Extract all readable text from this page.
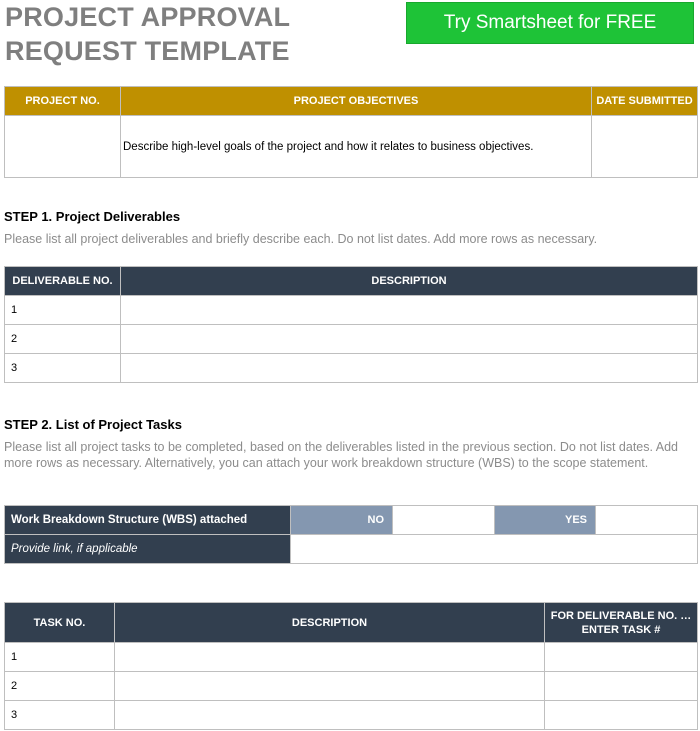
PROJECT APPROVAL
REQUEST TEMPLATE
Try Smartsheet for FREE
PROJECT NO.	PROJECT OBJECTIVES	DATE SUBMITTED
	Describe high-level goals of the project and how it relates to business objectives.	

STEP 1. Project Deliverables

Please list all project deliverables and briefly describe each. Do not list dates. Add more rows as necessary.

DELIVERABLE NO.	DESCRIPTION
1	
2	
3	

STEP 2. List of Project Tasks

Please list all project tasks to be completed, based on the deliverables listed in the previous section. Do not list dates. Add more rows as necessary. Alternatively, you can attach your work breakdown structure (WBS) to the scope statement.

Work Breakdown Structure (WBS) attached	NO		YES	
Provide link, if applicable				
TASK NO.	DESCRIPTION	FOR DELIVERABLE NO. … ENTER TASK #
1		
2		
3		
